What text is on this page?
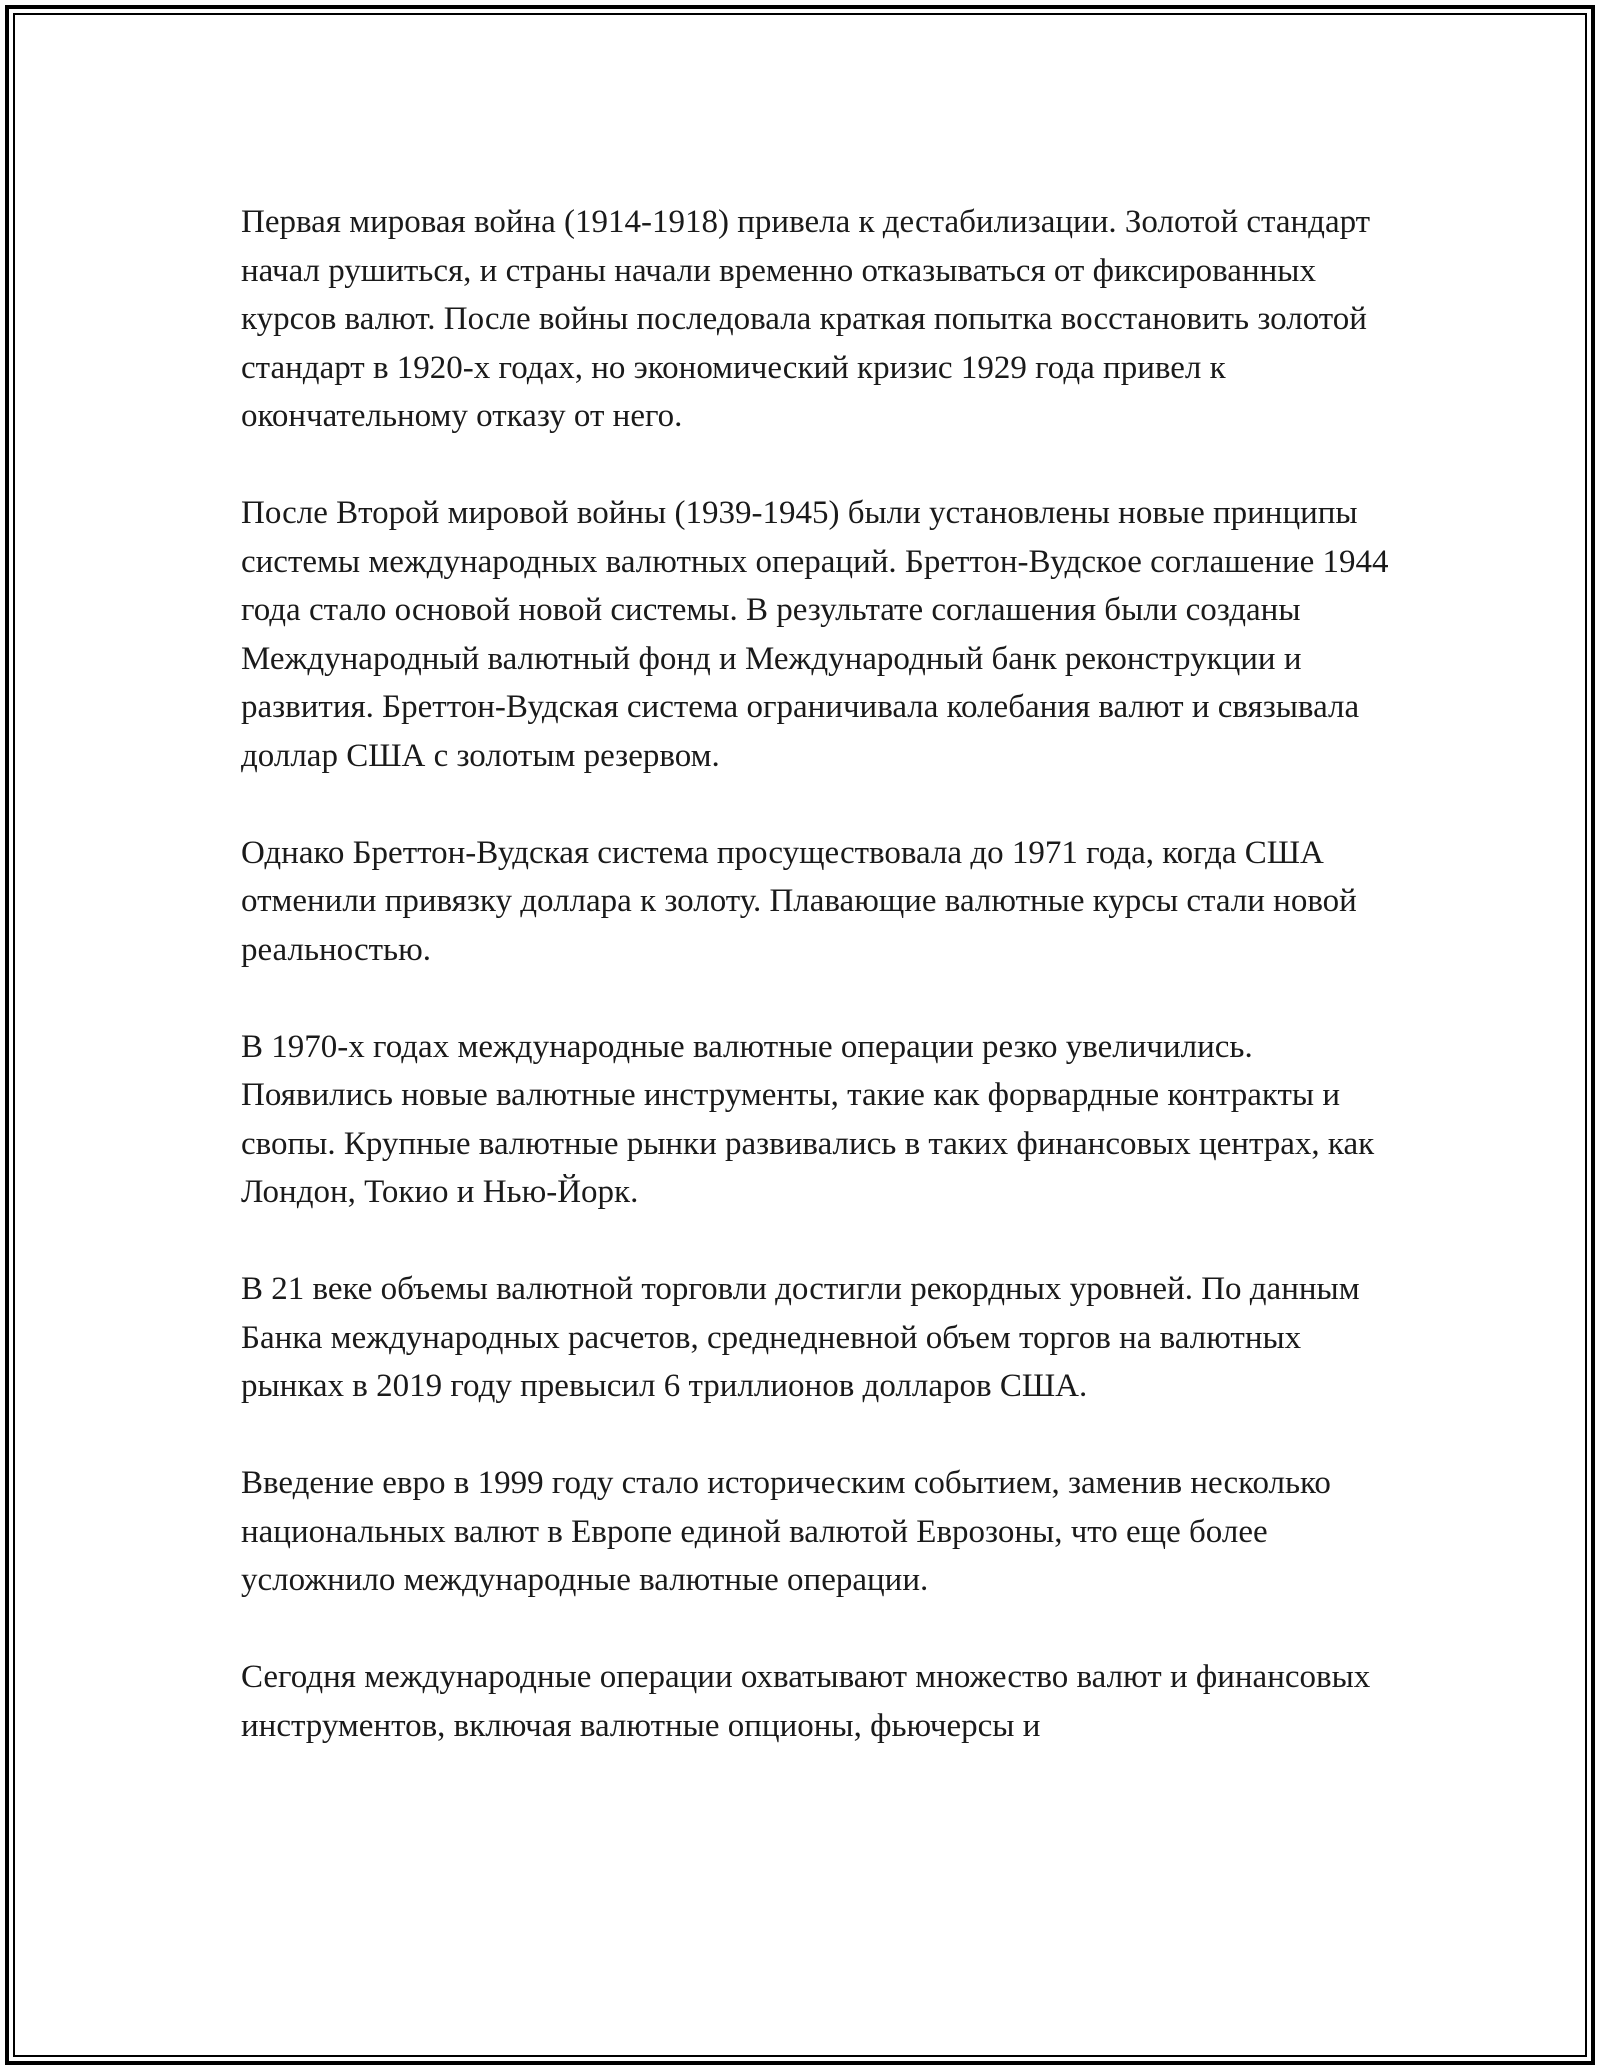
Первая мировая война (1914-1918) привела к дестабилизации. Золотой стандарт начал рушиться, и страны начали временно отказываться от фиксированных курсов валют. После войны последовала краткая попытка восстановить золотой стандарт в 1920-х годах, но экономический кризис 1929 года привел к окончательному отказу от него.

После Второй мировой войны (1939-1945) были установлены новые принципы системы международных валютных операций. Бреттон-Вудское соглашение 1944 года стало основой новой системы. В результате соглашения были созданы Международный валютный фонд и Международный банк реконструкции и развития. Бреттон-Вудская система ограничивала колебания валют и связывала доллар США с золотым резервом.

Однако Бреттон-Вудская система просуществовала до 1971 года, когда США отменили привязку доллара к золоту. Плавающие валютные курсы стали новой реальностью.

В 1970-х годах международные валютные операции резко увеличились. Появились новые валютные инструменты, такие как форвардные контракты и свопы. Крупные валютные рынки развивались в таких финансовых центрах, как Лондон, Токио и Нью-Йорк.

В 21 веке объемы валютной торговли достигли рекордных уровней. По данным Банка международных расчетов, среднедневной объем торгов на валютных рынках в 2019 году превысил 6 триллионов долларов США.

Введение евро в 1999 году стало историческим событием, заменив несколько национальных валют в Европе единой валютой Еврозоны, что еще более усложнило международные валютные операции.

Сегодня международные операции охватывают множество валют и финансовых инструментов, включая валютные опционы, фьючерсы и
